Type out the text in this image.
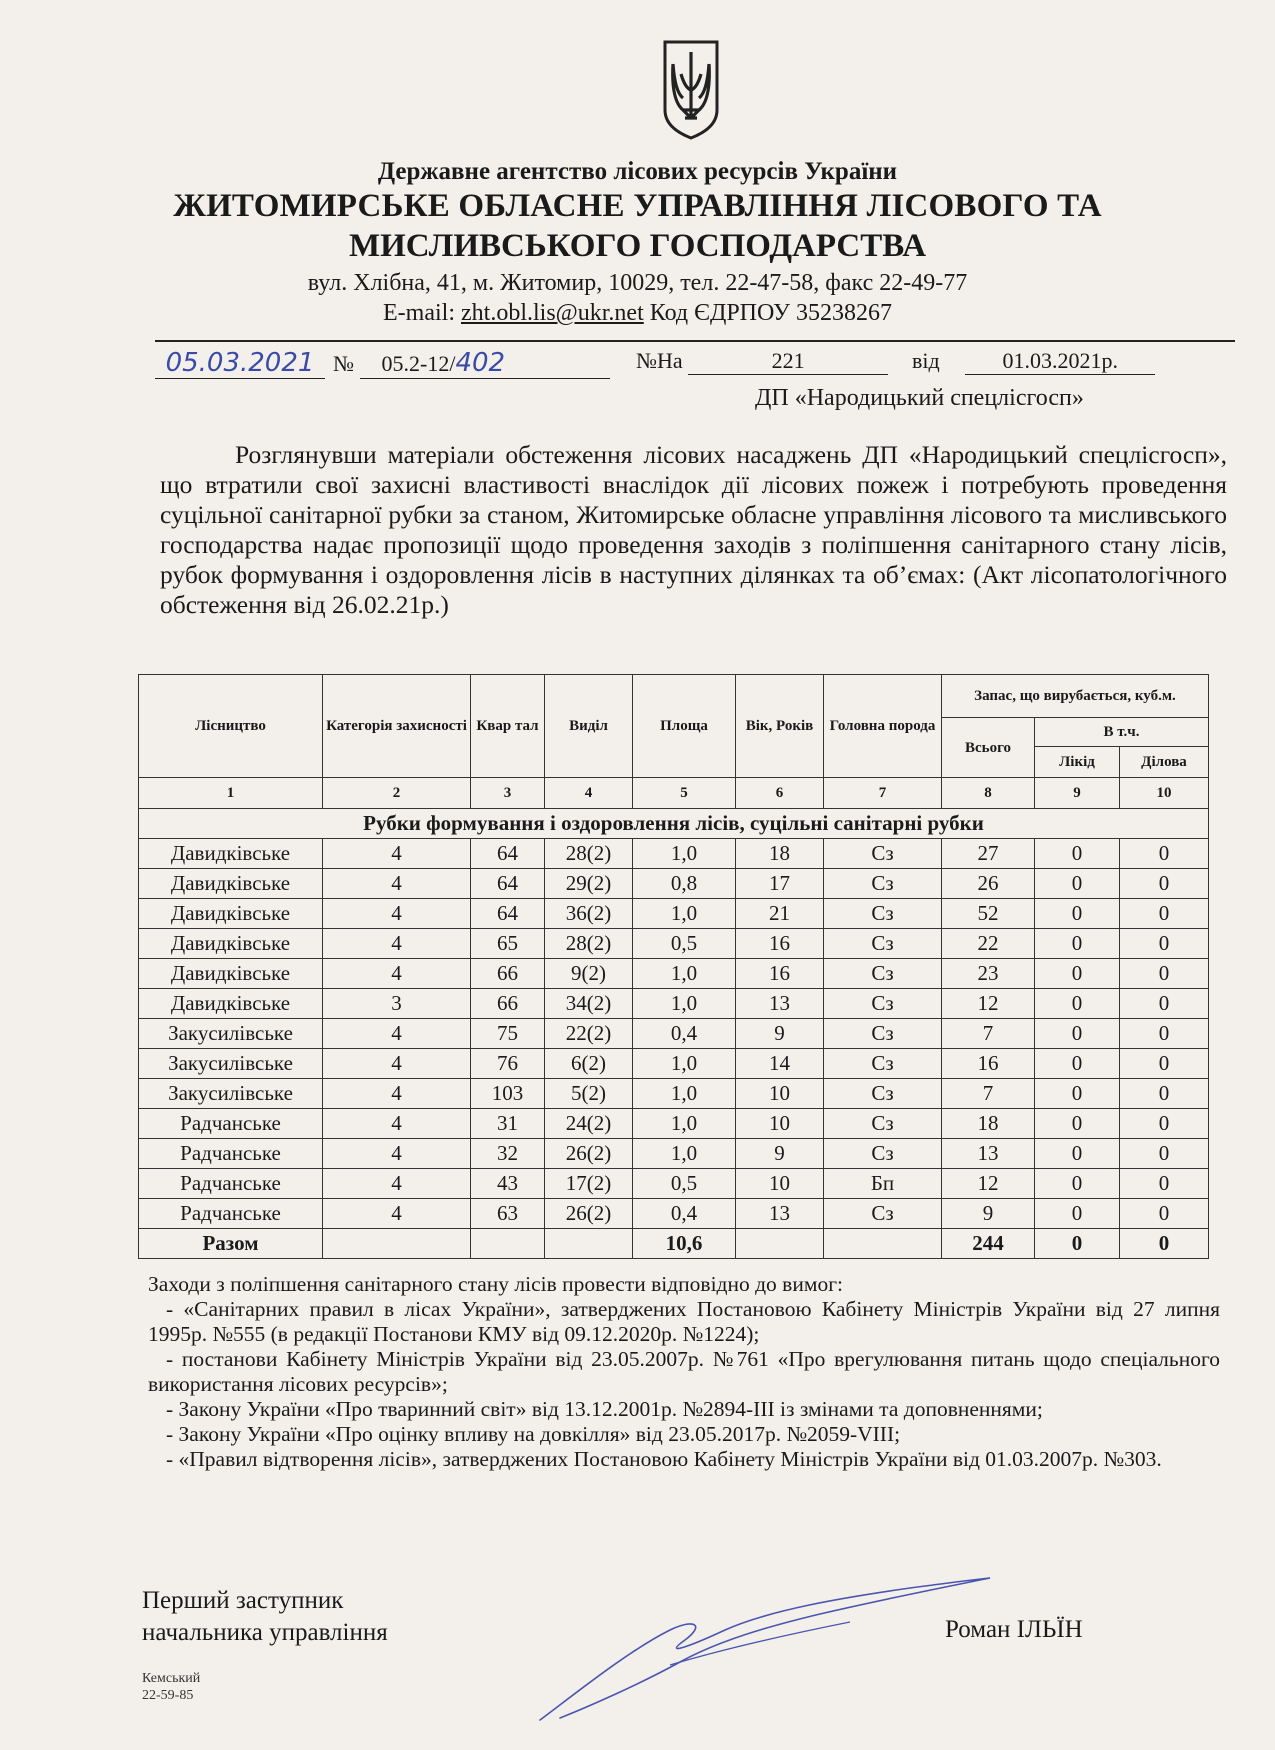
Державне агентство лісових ресурсів України
ЖИТОМИРСЬКЕ ОБЛАСНЕ УПРАВЛІННЯ ЛІСОВОГО ТА
МИСЛИВСЬКОГО ГОСПОДАРСТВА
вул. Хлібна, 41, м. Житомир, 10029, тел. 22-47-58, факс 22-49-77
E-mail: zht.obl.lis@ukr.net Код ЄДРПОУ 35238267
05.03.2021 № 05.2-12/402	№На	221	від	01.03.2021р.
ДП «Народицький спецлісгосп»
Розглянувши матеріали обстеження лісових насаджень ДП «Народицький спецлісгосп», що втратили свої захисні властивості внаслідок дії лісових пожеж і потребують проведення суцільної санітарної рубки за станом, Житомирське обласне управління лісового та мисливського господарства надає пропозиції щодо проведення заходів з поліпшення санітарного стану лісів, рубок формування і оздоровлення лісів в наступних ділянках та об’ємах: (Акт лісопатологічного обстеження від 26.02.21р.)
Лісництво	Категорія захисності	Квар тал	Виділ	Площа	Вік, Років	Головна порода	Запас, що вирубається, куб.м.		
							Всього	В т.ч.	
								Лікід	Ділова
1	2	3	4	5	6	7	8	9	10
Рубки формування і оздоровлення лісів, суцільні санітарні рубки									
Давидківське	4	64	28(2)	1,0	18	Сз	27	0	0
Давидківське	4	64	29(2)	0,8	17	Сз	26	0	0
Давидківське	4	64	36(2)	1,0	21	Сз	52	0	0
Давидківське	4	65	28(2)	0,5	16	Сз	22	0	0
Давидківське	4	66	9(2)	1,0	16	Сз	23	0	0
Давидківське	3	66	34(2)	1,0	13	Сз	12	0	0
Закусилівське	4	75	22(2)	0,4	9	Сз	7	0	0
Закусилівське	4	76	6(2)	1,0	14	Сз	16	0	0
Закусилівське	4	103	5(2)	1,0	10	Сз	7	0	0
Радчанське	4	31	24(2)	1,0	10	Сз	18	0	0
Радчанське	4	32	26(2)	1,0	9	Сз	13	0	0
Радчанське	4	43	17(2)	0,5	10	Бп	12	0	0
Радчанське	4	63	26(2)	0,4	13	Сз	9	0	0
Разом				10,6			244	0	0

Заходи з поліпшення санітарного стану лісів провести відповідно до вимог:

- «Санітарних правил в лісах України», затверджених Постановою Кабінету Міністрів України від 27 липня 1995р. №555 (в редакції Постанови КМУ від 09.12.2020р. №1224);

- постанови Кабінету Міністрів України від 23.05.2007р. №761 «Про врегулювання питань щодо спеціального використання лісових ресурсів»;

- Закону України «Про тваринний світ» від 13.12.2001р. №2894-ІІІ із змінами та доповненнями;

- Закону України «Про оцінку впливу на довкілля» від 23.05.2017р. №2059-VIII;

- «Правил відтворення лісів», затверджених Постановою Кабінету Міністрів України від 01.03.2007р. №303.

Перший заступник
начальника управління	Роман ІЛЬЇН
Кемський
22-59-85
